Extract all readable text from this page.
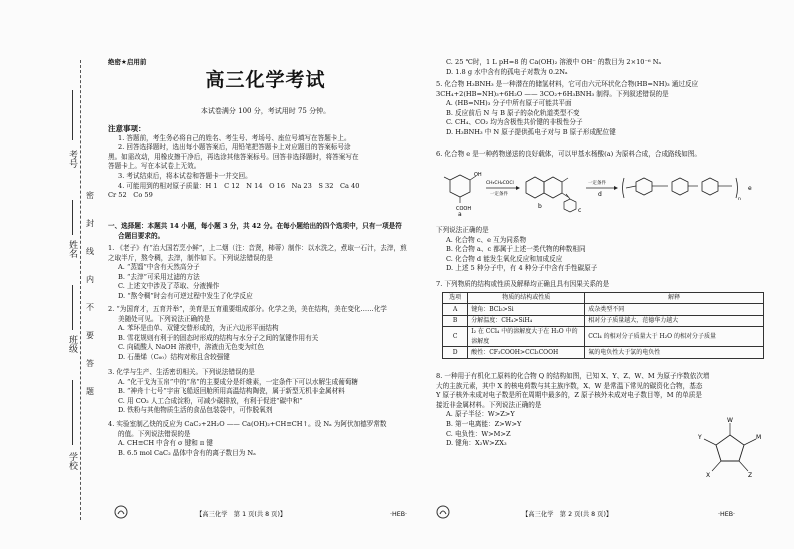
考号
姓名
班级
学校
密
封
线
内
不
要
答
题
绝密★启用前
高三化学考试
本试卷满分 100 分，考试用时 75 分钟。
注意事项：
1. 答题前，考生务必将自己的姓名、考生号、考场号、座位号填写在答题卡上。
2. 回答选择题时，选出每小题答案后，用铅笔把答题卡上对应题目的答案标号涂
黑。如需改动，用橡皮擦干净后，再选涂其他答案标号。回答非选择题时，将答案写在
答题卡上。写在本试卷上无效。
3. 考试结束后，将本试卷和答题卡一并交回。
4. 可能用到的相对原子质量：H 1　C 12　N 14　O 16　Na 23　S 32　Ca 40
Cr 52　Co 59
一、选择题：本题共 14 小题，每小题 3 分，共 42 分。在每小题给出的四个选项中，只有一项是符
合题目要求的。
1. 《老子》有“治大国若烹小鲜”，上二烟（注：音贤，柿蒂）制作：以水洗之，煮取一石汁，去滓，煎
之取半斤，熬令稠，去滓，制作如下。下列说法错误的是
A. “蒸馏”中含有天然高分子
B. “去滓”可采用过滤的方法
C. 上述文中涉及了萃取、分液操作
D. “熬令稠”时会有可逆过程中发生了化学反应
2. “为国育才，五育并举”，美育是五育重要组成部分。化学之美，美在结构，美在变化……化学
美随处可见。下列说法正确的是
A. 苯环是由单、双键交替形成的，为正六边形平面结构
B. 雪花规则有利于的固态时形成的结构与水分子之间的氢键作用有关
C. 向硫酸人 NaOH 溶液中，溶液由无色变为红色
D. 石墨烯（C₆₀）结构对称且含较强键
3. 化学与生产、生活密切相关。下列说法错误的是
A. “化干戈为玉帛”中的“帛”的主要成分是纤维素，一定条件下可以水解生成葡萄糖
B. “神舟十七号”宇宙飞船返回舱所用高温结构陶瓷，属于新型无机非金属材料
C. 用 CO₂ 人工合成淀粉，可减少碳排放，有利于促进“碳中和”
D. 铁粉与其他物质生活的食品包装袋中，可作脱氧剂
4. 实验室制乙炔的反应为 CaC₂+2H₂O —— Ca(OH)₂+CH≡CH↑。设 Nₐ 为阿伏加德罗常数
的值。下列说法错误的是
A. CH≡CH 中含有 σ 键和 π 键
B. 6.5 mol CaC₂ 晶体中含有的离子数目为 Nₐ
【高三化学　第 1 页(共 8 页)】	·HEB·
C. 25 ℃时，1 L pH=8 的 Ca(OH)₂ 溶液中 OH⁻ 的数目为 2×10⁻⁶ Nₐ
D. 1.8 g 水中含有的孤电子对数为 0.2Nₐ
5. 化合物 H₃BNH₃ 是一种潜在的储氢材料，它可由六元环状化合物(HB=NH)₃ 通过反应
3CH₄+2(HB=NH)₃+6H₂O —— 3CO₂+6H₃BNH₃ 制得。下列叙述错误的是
A. (HB=NH)₃ 分子中所有原子可能共平面
B. 反应前后 N 与 B 原子的杂化轨道类型不变
C. CH₄、CO₂ 均为含极性共价键的非极性分子
D. H₃BNH₃ 中 N 原子提供孤电子对与 B 原子形成配位键
6. 化合物 e 是一种药物递送的良好载体，可以甲基水杨酸(a) 为原料合成，合成路线如图。
COOH
OH
a
CH₃CH₂COCl
一定条件
b
c
一定条件
d
n
e
下列说法正确的是
A. 化合物 c、e 互为同系物
B. 化合物 a、c 都属于上述一类代物的种数相同
C. 化合物 d 能发生氧化反应和加成反应
D. 上述 5 种分子中，有 4 种分子中含有手性碳原子
7. 下列物质的结构或性质及解释均正确且具有因果关系的是
选项	物质的结构或性质	解释
A	键角：BCl₃>Si	成杂类型不同
B	分解温度：CH₄>SiH₄	相对分子质量越大，范德华力越大
C	I₂ 在 CCl₄ 中的溶解度大于在 H₂O 中的溶解度	CCl₄ 的相对分子质量大于 H₂O 的相对分子质量
D	酸性：CF₃COOH>CCl₃COOH	氟的电负性大于氯的电负性
8. 一种用于有机化工原料的化合物 Q 的结构如图，已知 X、Y、Z、W、M 为原子序数依次增
大的主族元素，其中 X 的核电荷数与其主族序数，X、W 是常温下常见的碳资化合物，基态
Y 原子核外未成对电子数是所在周期中最多的，Z 原子核外未成对电子数目等，M 的单质是
接近非金属材料。下列说法正确的是
A. 原子半径：W>Z>Y
B. 第一电离能：Z>W>Y
C. 电负性：W>M>Z
D. 键角：X₂W>ZX₃
W
M
Y
Z
X
【高三化学　第 2 页(共 8 页)】	·HEB·
